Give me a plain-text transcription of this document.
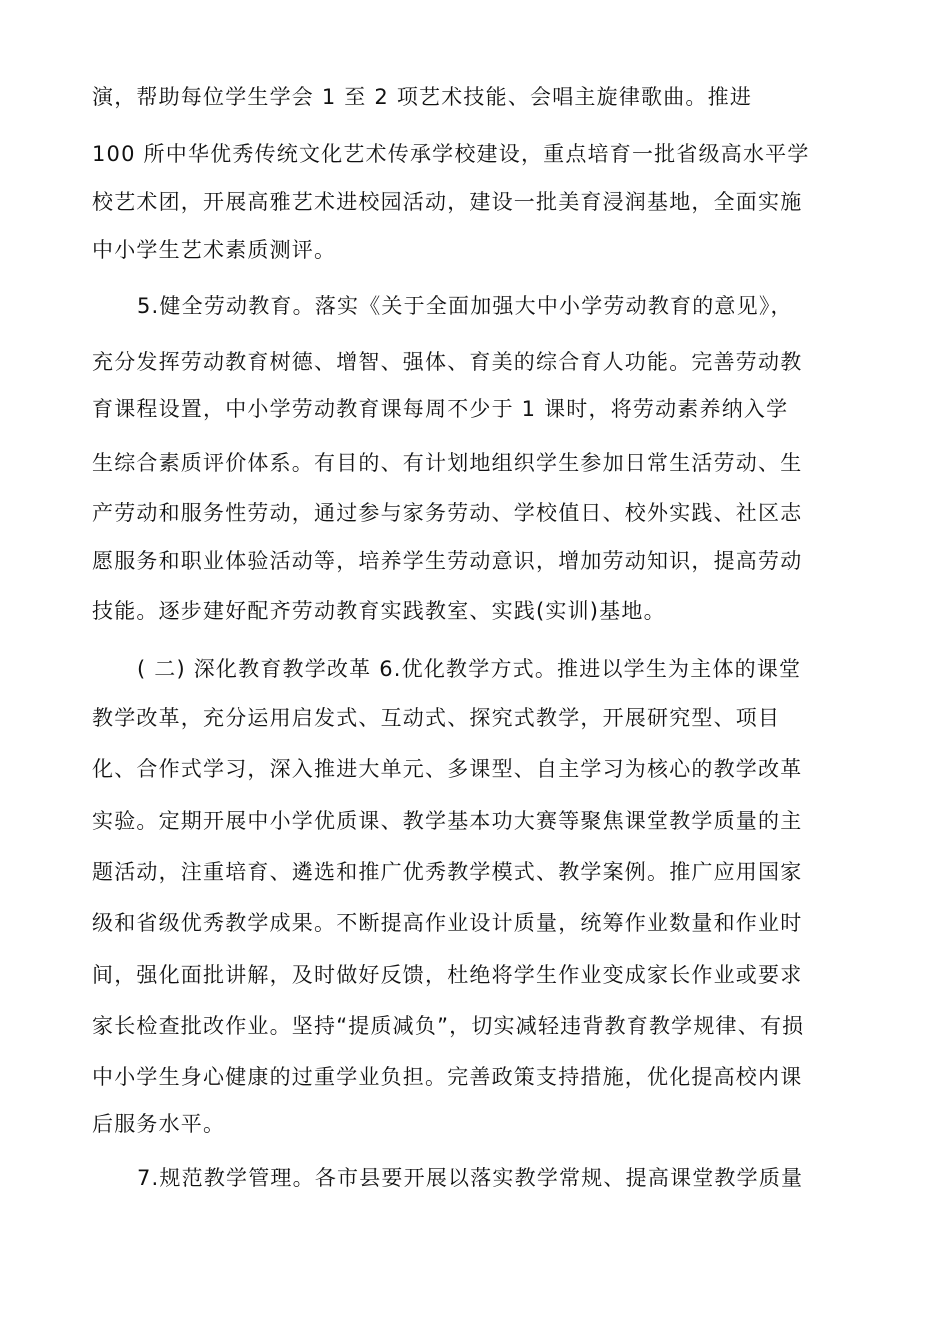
演，帮助每位学生学会 1 至 2 项艺术技能、会唱主旋律歌曲。推进
100 所中华优秀传统文化艺术传承学校建设，重点培育一批省级高水平学
校艺术团，开展高雅艺术进校园活动，建设一批美育浸润基地，全面实施
中小学生艺术素质测评。
5.健全劳动教育。落实《关于全面加强大中小学劳动教育的意见》，
充分发挥劳动教育树德、增智、强体、育美的综合育人功能。完善劳动教
育课程设置，中小学劳动教育课每周不少于 1 课时，将劳动素养纳入学
生综合素质评价体系。有目的、有计划地组织学生参加日常生活劳动、生
产劳动和服务性劳动，通过参与家务劳动、学校值日、校外实践、社区志
愿服务和职业体验活动等，培养学生劳动意识，增加劳动知识，提高劳动
技能。逐步建好配齐劳动教育实践教室、实践(实训)基地。
( 二) 深化教育教学改革 6.优化教学方式。推进以学生为主体的课堂
教学改革，充分运用启发式、互动式、探究式教学，开展研究型、项目
化、合作式学习，深入推进大单元、多课型、自主学习为核心的教学改革
实验。定期开展中小学优质课、教学基本功大赛等聚焦课堂教学质量的主
题活动，注重培育、遴选和推广优秀教学模式、教学案例。推广应用国家
级和省级优秀教学成果。不断提高作业设计质量，统筹作业数量和作业时
间，强化面批讲解，及时做好反馈，杜绝将学生作业变成家长作业或要求
家长检查批改作业。坚持“提质减负”，切实减轻违背教育教学规律、有损
中小学生身心健康的过重学业负担。完善政策支持措施，优化提高校内课
后服务水平。
7.规范教学管理。各市县要开展以落实教学常规、提高课堂教学质量
